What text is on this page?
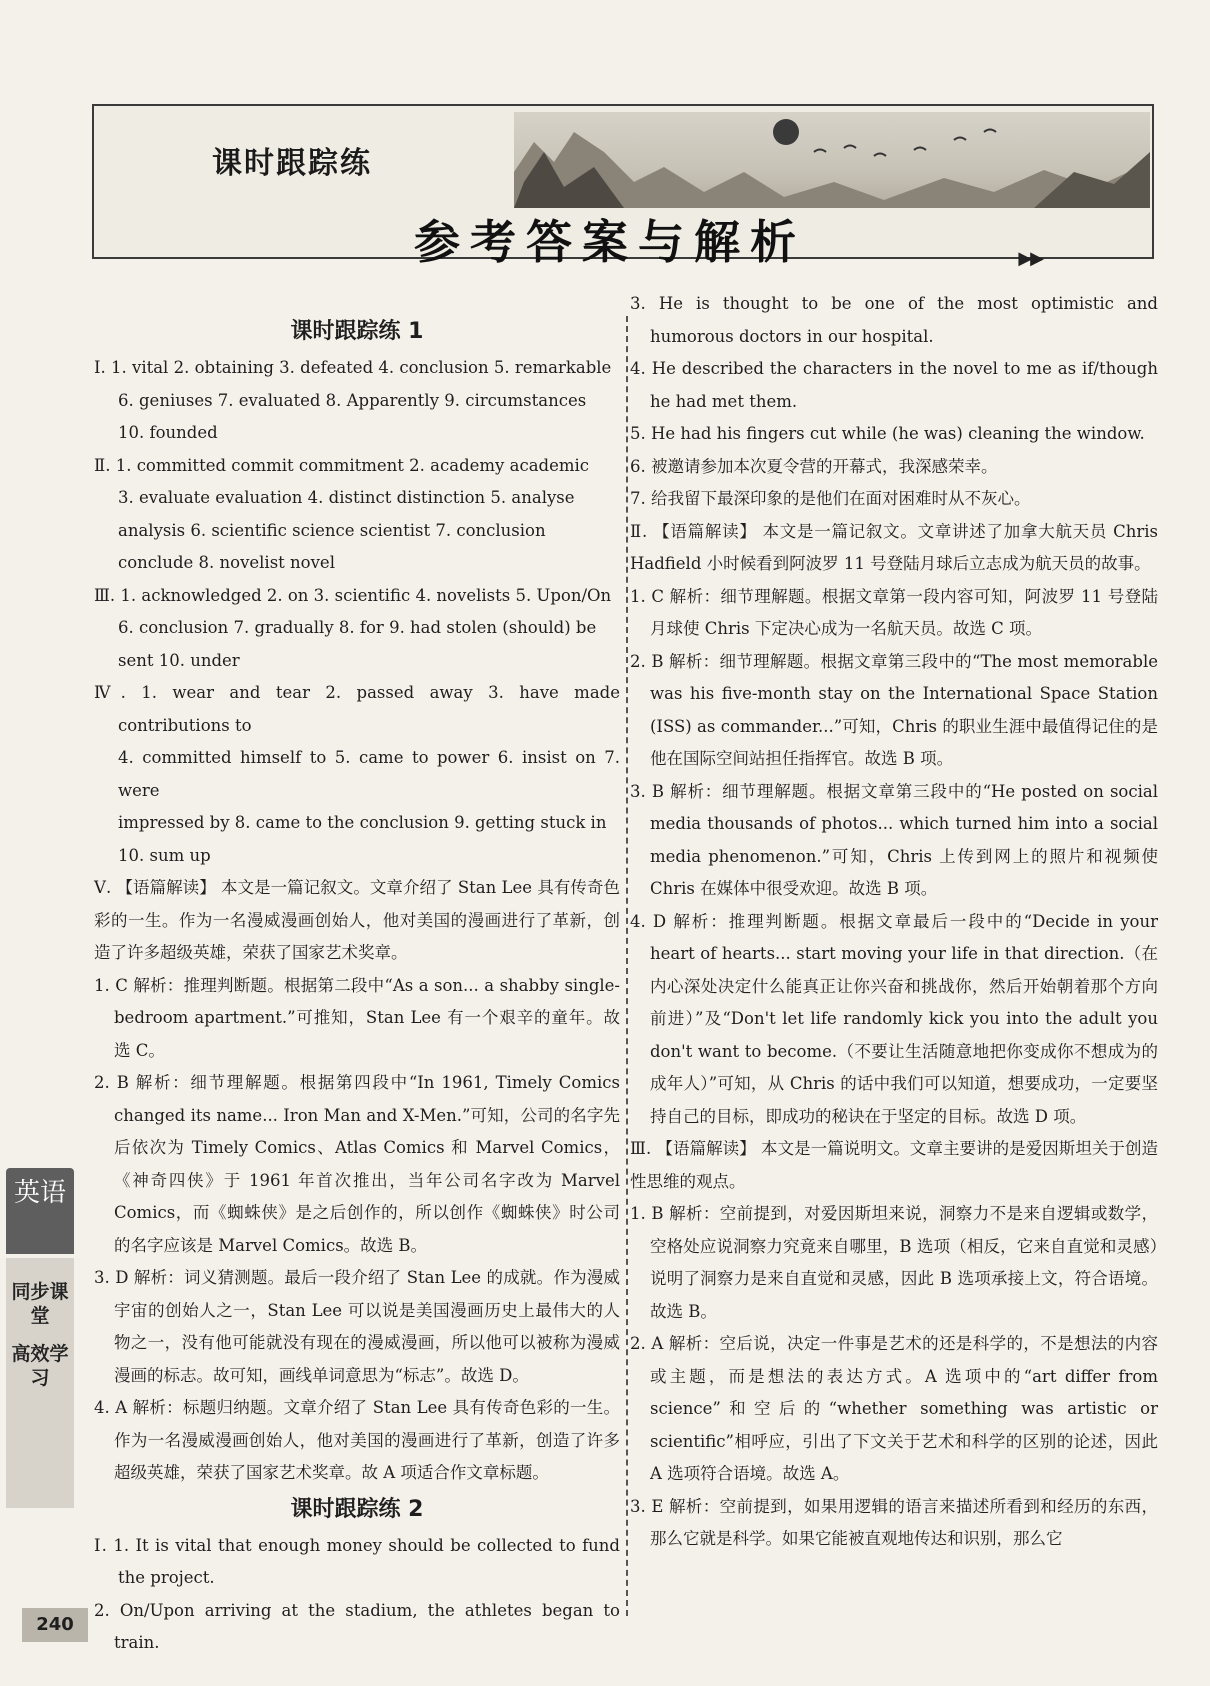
课时跟踪练
参考答案与解析	▶▶

课时跟踪练 1

Ⅰ. 1. vital 2. obtaining 3. defeated 4. conclusion 5. remarkable

6. geniuses 7. evaluated 8. Apparently 9. circumstances

10. founded

Ⅱ. 1. committed commit commitment 2. academy academic

3. evaluate evaluation 4. distinct distinction 5. analyse

analysis 6. scientific science scientist 7. conclusion

conclude 8. novelist novel

Ⅲ. 1. acknowledged 2. on 3. scientific 4. novelists 5. Upon/On

6. conclusion 7. gradually 8. for 9. had stolen (should) be

sent 10. under

Ⅳ. 1. wear and tear 2. passed away 3. have made contributions to

4. committed himself to 5. came to power 6. insist on 7. were

impressed by 8. came to the conclusion 9. getting stuck in

10. sum up

Ⅴ. 【语篇解读】 本文是一篇记叙文。文章介绍了 Stan Lee 具有传奇色彩的一生。作为一名漫威漫画创始人，他对美国的漫画进行了革新，创造了许多超级英雄，荣获了国家艺术奖章。

1. C 解析：推理判断题。根据第二段中“As a son... a shabby single-bedroom apartment.”可推知，Stan Lee 有一个艰辛的童年。故选 C。

2. B 解析：细节理解题。根据第四段中“In 1961, Timely Comics changed its name... Iron Man and X-Men.”可知，公司的名字先后依次为 Timely Comics、Atlas Comics 和 Marvel Comics，《神奇四侠》于 1961 年首次推出，当年公司名字改为 Marvel Comics，而《蜘蛛侠》是之后创作的，所以创作《蜘蛛侠》时公司的名字应该是 Marvel Comics。故选 B。

3. D 解析：词义猜测题。最后一段介绍了 Stan Lee 的成就。作为漫威宇宙的创始人之一，Stan Lee 可以说是美国漫画历史上最伟大的人物之一，没有他可能就没有现在的漫威漫画，所以他可以被称为漫威漫画的标志。故可知，画线单词意思为“标志”。故选 D。

4. A 解析：标题归纳题。文章介绍了 Stan Lee 具有传奇色彩的一生。作为一名漫威漫画创始人，他对美国的漫画进行了革新，创造了许多超级英雄，荣获了国家艺术奖章。故 A 项适合作文章标题。

课时跟踪练 2

Ⅰ. 1. It is vital that enough money should be collected to fund the project.

2. On/Upon arriving at the stadium, the athletes began to train.

3. He is thought to be one of the most optimistic and humorous doctors in our hospital.

4. He described the characters in the novel to me as if/though he had met them.

5. He had his fingers cut while (he was) cleaning the window.

6. 被邀请参加本次夏令营的开幕式，我深感荣幸。

7. 给我留下最深印象的是他们在面对困难时从不灰心。

Ⅱ. 【语篇解读】 本文是一篇记叙文。文章讲述了加拿大航天员 Chris Hadfield 小时候看到阿波罗 11 号登陆月球后立志成为航天员的故事。

1. C 解析：细节理解题。根据文章第一段内容可知，阿波罗 11 号登陆月球使 Chris 下定决心成为一名航天员。故选 C 项。

2. B 解析：细节理解题。根据文章第三段中的“The most memorable was his five-month stay on the International Space Station (ISS) as commander...”可知，Chris 的职业生涯中最值得记住的是他在国际空间站担任指挥官。故选 B 项。

3. B 解析：细节理解题。根据文章第三段中的“He posted on social media thousands of photos... which turned him into a social media phenomenon.”可知，Chris 上传到网上的照片和视频使 Chris 在媒体中很受欢迎。故选 B 项。

4. D 解析：推理判断题。根据文章最后一段中的“Decide in your heart of hearts... start moving your life in that direction.（在内心深处决定什么能真正让你兴奋和挑战你，然后开始朝着那个方向前进）”及“Don't let life randomly kick you into the adult you don't want to become.（不要让生活随意地把你变成你不想成为的成年人）”可知，从 Chris 的话中我们可以知道，想要成功，一定要坚持自己的目标，即成功的秘诀在于坚定的目标。故选 D 项。

Ⅲ. 【语篇解读】 本文是一篇说明文。文章主要讲的是爱因斯坦关于创造性思维的观点。

1. B 解析：空前提到，对爱因斯坦来说，洞察力不是来自逻辑或数学，空格处应说洞察力究竟来自哪里，B 选项（相反，它来自直觉和灵感）说明了洞察力是来自直觉和灵感，因此 B 选项承接上文，符合语境。故选 B。

2. A 解析：空后说，决定一件事是艺术的还是科学的，不是想法的内容或主题，而是想法的表达方式。A 选项中的“art differ from science”和空后的“whether something was artistic or scientific”相呼应，引出了下文关于艺术和科学的区别的论述，因此 A 选项符合语境。故选 A。

3. E 解析：空前提到，如果用逻辑的语言来描述所看到和经历的东西，那么它就是科学。如果它能被直观地传达和识别，那么它

英语
同步课堂
高效学习
240
